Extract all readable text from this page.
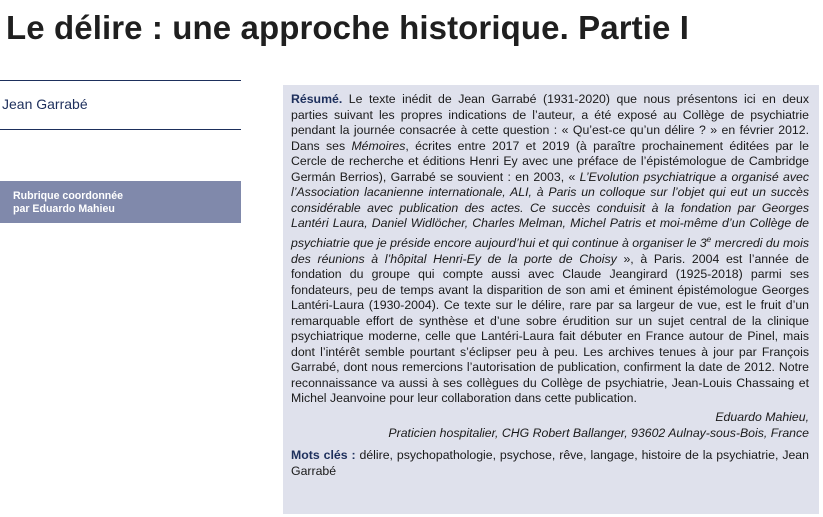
Le délire : une approche historique. Partie I
Jean Garrabé
Rubrique coordonnée
par Eduardo Mahieu

Résumé. Le texte inédit de Jean Garrabé (1931-2020) que nous présentons ici en deux parties suivant les propres indications de l’auteur, a été exposé au Collège de psychiatrie pendant la journée consacrée à cette question : « Qu’est-ce qu’un délire ? » en février 2012. Dans ses Mémoires, écrites entre 2017 et 2019 (à paraître prochainement éditées par le Cercle de recherche et éditions Henri Ey avec une préface de l’épistémologue de Cambridge Germán Berrios), Garrabé se souvient : en 2003, « L’Evolution psychiatrique a organisé avec l’Association lacanienne internationale, ALI, à Paris un colloque sur l’objet qui eut un succès considérable avec publication des actes. Ce succès conduisit à la fondation par Georges Lantéri Laura, Daniel Widlöcher, Charles Melman, Michel Patris et moi-même d’un Collège de psychiatrie que je préside encore aujourd’hui et qui continue à organiser le 3e mercredi du mois des réunions à l’hôpital Henri-Ey de la porte de Choisy », à Paris. 2004 est l’année de fondation du groupe qui compte aussi avec Claude Jeangirard (1925-2018) parmi ses fondateurs, peu de temps avant la disparition de son ami et éminent épistémologue Georges Lantéri-Laura (1930-2004). Ce texte sur le délire, rare par sa largeur de vue, est le fruit d’un remarquable effort de synthèse et d’une sobre érudition sur un sujet central de la clinique psychiatrique moderne, celle que Lantéri-Laura fait débuter en France autour de Pinel, mais dont l’intérêt semble pourtant s’éclipser peu à peu. Les archives tenues à jour par François Garrabé, dont nous remercions l’autorisation de publication, confirment la date de 2012. Notre reconnaissance va aussi à ses collègues du Collège de psychiatrie, Jean-Louis Chassaing et Michel Jeanvoine pour leur collaboration dans cette publication.

Eduardo Mahieu,
Praticien hospitalier, CHG Robert Ballanger, 93602 Aulnay-sous-Bois, France
Mots clés : délire, psychopathologie, psychose, rêve, langage, histoire de la psychiatrie, Jean Garrabé
